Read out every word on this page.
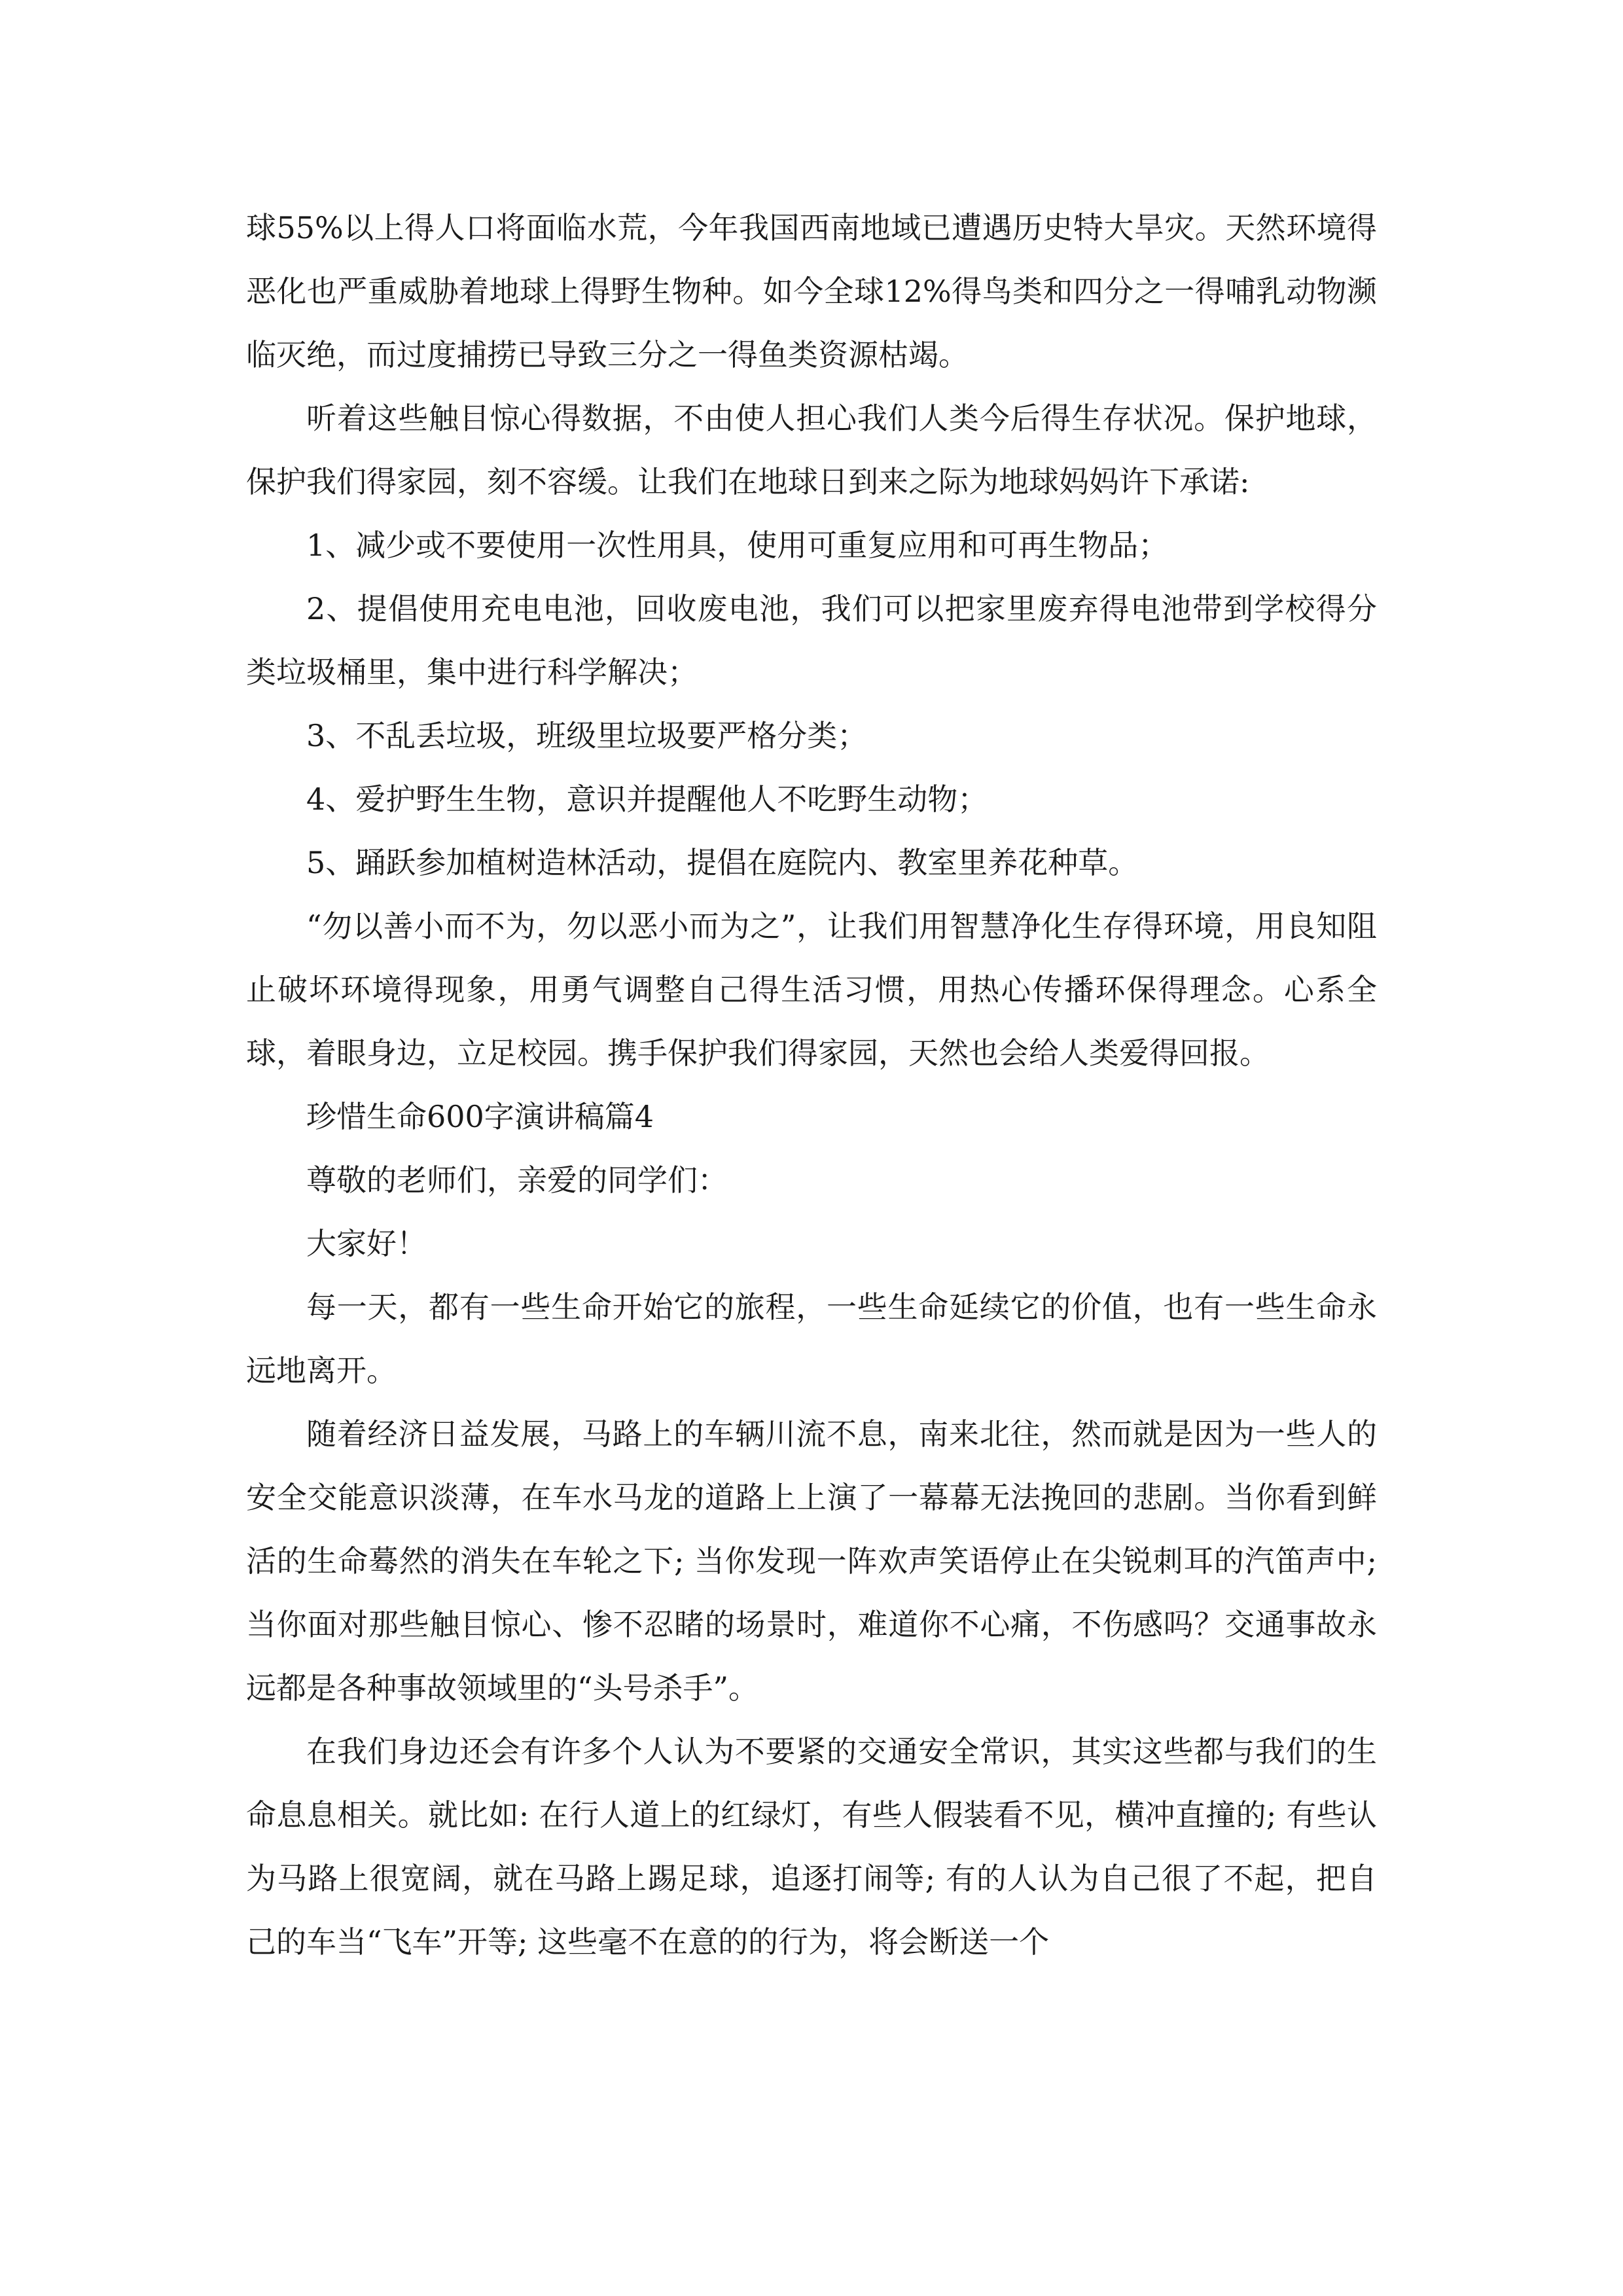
球55%以上得人口将面临水荒，今年我国西南地域已遭遇历史特大旱灾。天然环境得恶化也严重威胁着地球上得野生物种。如今全球12%得鸟类和四分之一得哺乳动物濒临灭绝，而过度捕捞已导致三分之一得鱼类资源枯竭。

听着这些触目惊心得数据，不由使人担心我们人类今后得生存状况。保护地球，保护我们得家园，刻不容缓。让我们在地球日到来之际为地球妈妈许下承诺:

1、减少或不要使用一次性用具，使用可重复应用和可再生物品；

2、提倡使用充电电池，回收废电池，我们可以把家里废弃得电池带到学校得分类垃圾桶里，集中进行科学解决；

3、不乱丢垃圾，班级里垃圾要严格分类；

4、爱护野生生物，意识并提醒他人不吃野生动物；

5、踊跃参加植树造林活动，提倡在庭院内、教室里养花种草。

“勿以善小而不为，勿以恶小而为之”，让我们用智慧净化生存得环境，用良知阻止破坏环境得现象，用勇气调整自己得生活习惯，用热心传播环保得理念。心系全球，着眼身边，立足校园。携手保护我们得家园，天然也会给人类爱得回报。

珍惜生命600字演讲稿篇4

尊敬的老师们，亲爱的同学们：

大家好！

每一天，都有一些生命开始它的旅程，一些生命延续它的价值，也有一些生命永远地离开。

随着经济日益发展，马路上的车辆川流不息，南来北往，然而就是因为一些人的安全交能意识淡薄，在车水马龙的道路上上演了一幕幕无法挽回的悲剧。当你看到鲜活的生命蓦然的消失在车轮之下; 当你发现一阵欢声笑语停止在尖锐刺耳的汽笛声中; 当你面对那些触目惊心、惨不忍睹的场景时，难道你不心痛，不伤感吗？交通事故永远都是各种事故领域里的“头号杀手”。

在我们身边还会有许多个人认为不要紧的交通安全常识，其实这些都与我们的生命息息相关。就比如: 在行人道上的红绿灯，有些人假装看不见，横冲直撞的; 有些认为马路上很宽阔，就在马路上踢足球，追逐打闹等; 有的人认为自己很了不起，把自己的车当“飞车”开等; 这些毫不在意的的行为，将会断送一个
